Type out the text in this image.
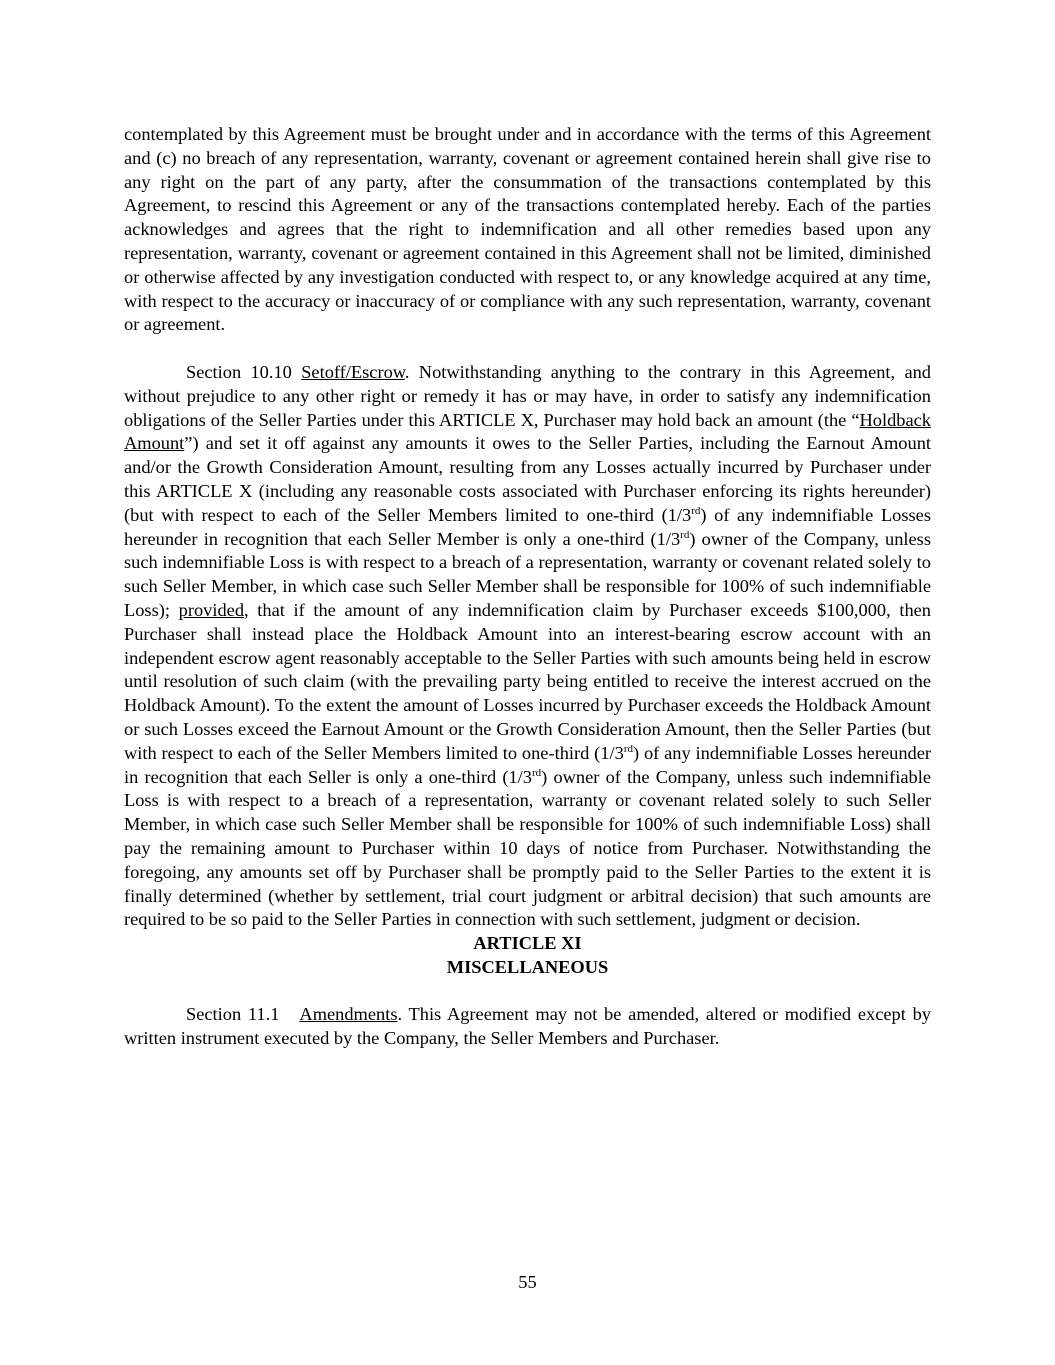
contemplated by this Agreement must be brought under and in accordance with the terms of this Agreement and (c) no breach of any representation, warranty, covenant or agreement contained herein shall give rise to any right on the part of any party, after the consummation of the transactions contemplated by this Agreement, to rescind this Agreement or any of the transactions contemplated hereby. Each of the parties acknowledges and agrees that the right to indemnification and all other remedies based upon any representation, warranty, covenant or agreement contained in this Agreement shall not be limited, diminished or otherwise affected by any investigation conducted with respect to, or any knowledge acquired at any time, with respect to the accuracy or inaccuracy of or compliance with any such representation, warranty, covenant or agreement.

Section 10.10 Setoff/Escrow. Notwithstanding anything to the contrary in this Agreement, and without prejudice to any other right or remedy it has or may have, in order to satisfy any indemnification obligations of the Seller Parties under this ARTICLE X, Purchaser may hold back an amount (the “Holdback Amount”) and set it off against any amounts it owes to the Seller Parties, including the Earnout Amount and/or the Growth Consideration Amount, resulting from any Losses actually incurred by Purchaser under this ARTICLE X (including any reasonable costs associated with Purchaser enforcing its rights hereunder) (but with respect to each of the Seller Members limited to one-third (1/3rd) of any indemnifiable Losses hereunder in recognition that each Seller Member is only a one-third (1/3rd) owner of the Company, unless such indemnifiable Loss is with respect to a breach of a representation, warranty or covenant related solely to such Seller Member, in which case such Seller Member shall be responsible for 100% of such indemnifiable Loss); provided, that if the amount of any indemnification claim by Purchaser exceeds $100,000, then Purchaser shall instead place the Holdback Amount into an interest-bearing escrow account with an independent escrow agent reasonably acceptable to the Seller Parties with such amounts being held in escrow until resolution of such claim (with the prevailing party being entitled to receive the interest accrued on the Holdback Amount). To the extent the amount of Losses incurred by Purchaser exceeds the Holdback Amount or such Losses exceed the Earnout Amount or the Growth Consideration Amount, then the Seller Parties (but with respect to each of the Seller Members limited to one-third (1/3rd) of any indemnifiable Losses hereunder in recognition that each Seller is only a one-third (1/3rd) owner of the Company, unless such indemnifiable Loss is with respect to a breach of a representation, warranty or covenant related solely to such Seller Member, in which case such Seller Member shall be responsible for 100% of such indemnifiable Loss) shall pay the remaining amount to Purchaser within 10 days of notice from Purchaser. Notwithstanding the foregoing, any amounts set off by Purchaser shall be promptly paid to the Seller Parties to the extent it is finally determined (whether by settlement, trial court judgment or arbitral decision) that such amounts are required to be so paid to the Seller Parties in connection with such settlement, judgment or decision.

ARTICLE XI

MISCELLANEOUS

Section 11.1 Amendments. This Agreement may not be amended, altered or modified except by written instrument executed by the Company, the Seller Members and Purchaser.

55
